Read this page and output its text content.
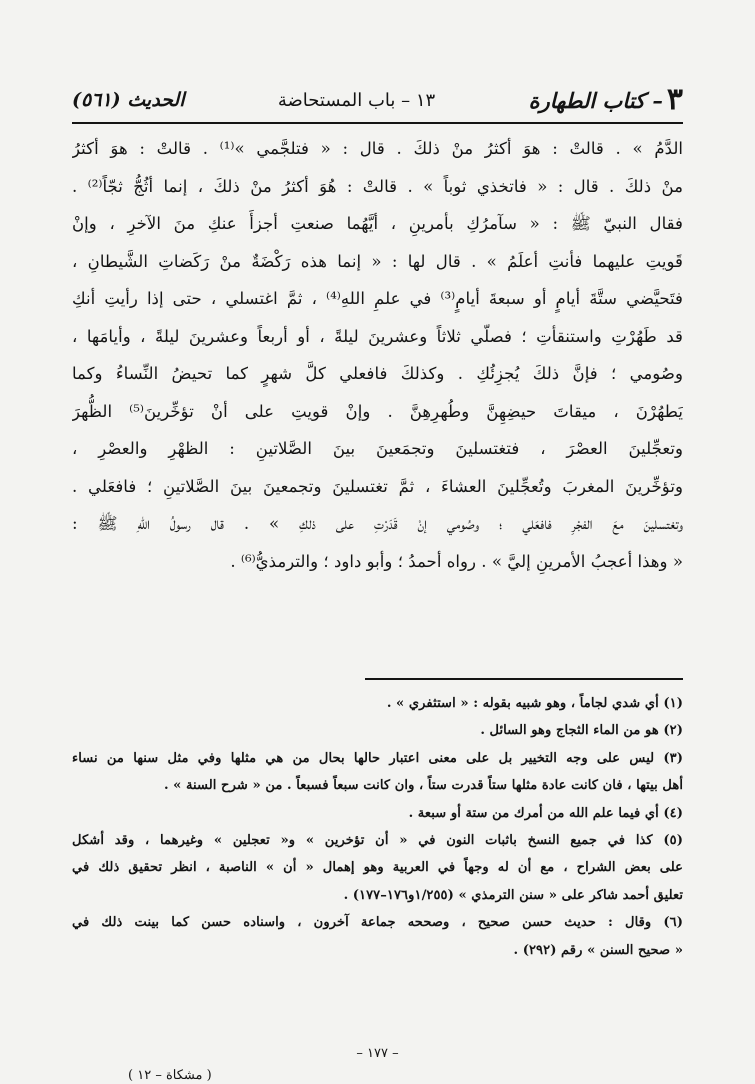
٣
– كتاب الطهارة
١٣ – باب المستحاضة
الحديث (٥٦١)
الدَّمُ » . قالتْ : هوَ أكثرُ منْ ذلكَ . قال : « فتلجَّمي »⁽¹⁾ . قالتْ : هوَ أكثرُ
منْ ذلكَ . قال : « فاتخذي ثوباً » . قالتْ : هُوَ أكثرُ منْ ذلكَ ، إنما أثُجُّ ثجّاً⁽²⁾ .
فقال النبيّ ﷺ : « سآمرُكِ بأمرينِ ، أيَّهُما صنعتِ أجزأَ عنكِ منَ الآخرِ ، وإنْ
قَويتِ عليهما فأنتِ أعلَمُ » . قال لها : « إنما هذه رَكْضَةٌ منْ رَكَضاتِ الشَّيطانِ ،
فتَحيَّضي ستَّةَ أيامٍ أو سبعةَ أيامٍ⁽³⁾ في علمِ اللهِ⁽⁴⁾ ، ثمَّ اغتسلي ، حتى إذا رأيتِ أنكِ
قد طَهُرْتِ واستنقأتِ ؛ فصلّي ثلاثاً وعشرينَ ليلةً ، أو أربعاً وعشرينَ ليلةً ، وأيامَها ،
وصُومي ؛ فإنَّ ذلكَ يُجزِئُكِ . وكذلكَ فافعلي كلَّ شهرٍ كما تحيضُ النِّساءُ وكما
يَطهُرْنَ ، ميقاتَ حيضِهِنَّ وطُهرِهِنَّ . وإنْ قويتِ على أنْ تؤخِّرينَ⁽⁵⁾ الظُّهرَ
وتعجِّلينَ العصْرَ ، فتغتسلينَ وتجمَعينَ بينَ الصَّلاتينِ : الظهْرِ والعصْرِ ،
وتؤخِّرينَ المغربَ وتُعجِّلينَ العشاءَ ، ثمَّ تغتسلينَ وتجمعينَ بينَ الصَّلاتينِ ؛ فافعَلي .
وتغتسلينَ معَ الفجْرِ فافعَلي ؛ وصُومي إنْ قَدَرْتِ على ذلكِ » . قال رسولُ اللهِ ﷺ :
« وهذا أعجبُ الأمرينِ إليَّ » . رواه أحمدُ ؛ وأبو داود ؛ والترمذيُّ⁽⁶⁾ .
(١) أي شدي لجاماً ، وهو شبيه بقوله : « استثفري » .
(٢) هو من الماء الثجاج وهو السائل .
(٣) ليس على وجه التخيير بل على معنى اعتبار حالها بحال من هي مثلها وفي مثل سنها من نساء
أهل بيتها ، فان كانت عادة مثلها ستاً قدرت ستاً ، وان كانت سبعاً فسبعاً . من « شرح السنة » .
(٤) أي فيما علم الله من أمرك من ستة أو سبعة .
(٥) كذا في جميع النسخ باثبات النون في « أن تؤخرين » و« تعجلين » وغيرهما ، وقد أشكل
على بعض الشراح ، مع أن له وجهاً في العربية وهو إهمال « أن » الناصبة ، انظر تحقيق ذلك في
تعليق أحمد شاكر على « سنن الترمذي » (١/٢٥٥و١٧٦–١٧٧) .
(٦) وقال : حديث حسن صحيح ، وصححه جماعة آخرون ، واسناده حسن كما بينت ذلك في
« صحيح السنن » رقم (٢٩٢) .
– ١٧٧ –
( مشكاة – ١٢ )
